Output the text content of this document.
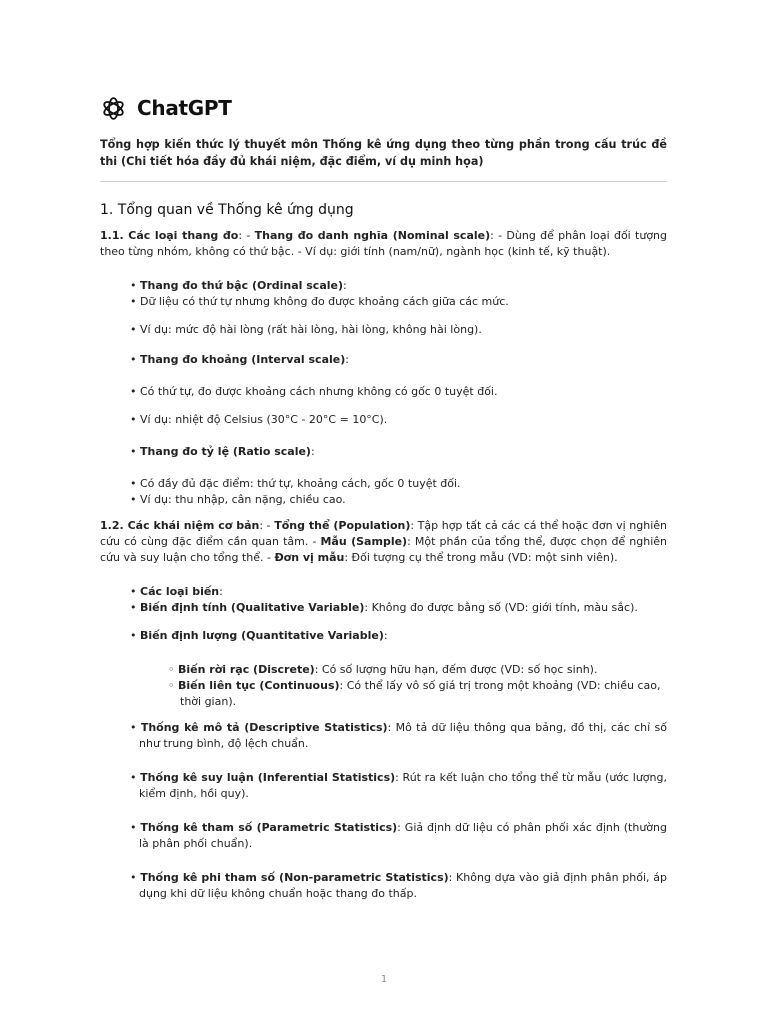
ChatGPT
Tổng hợp kiến thức lý thuyết môn Thống kê ứng dụng theo từng phần trong cấu trúc đề thi (Chi tiết hóa đầy đủ khái niệm, đặc điểm, ví dụ minh họa)
1. Tổng quan về Thống kê ứng dụng

1.1. Các loại thang đo: - Thang đo danh nghĩa (Nominal scale): - Dùng để phân loại đối tượng theo từng nhóm, không có thứ bậc. - Ví dụ: giới tính (nam/nữ), ngành học (kinh tế, kỹ thuật).

• Thang đo thứ bậc (Ordinal scale):
• Dữ liệu có thứ tự nhưng không đo được khoảng cách giữa các mức.
• Ví dụ: mức độ hài lòng (rất hài lòng, hài lòng, không hài lòng).
• Thang đo khoảng (Interval scale):
• Có thứ tự, đo được khoảng cách nhưng không có gốc 0 tuyệt đối.
• Ví dụ: nhiệt độ Celsius (30°C - 20°C = 10°C).
• Thang đo tỷ lệ (Ratio scale):
• Có đầy đủ đặc điểm: thứ tự, khoảng cách, gốc 0 tuyệt đối.
• Ví dụ: thu nhập, cân nặng, chiều cao.

1.2. Các khái niệm cơ bản: - Tổng thể (Population): Tập hợp tất cả các cá thể hoặc đơn vị nghiên cứu có cùng đặc điểm cần quan tâm. - Mẫu (Sample): Một phần của tổng thể, được chọn để nghiên cứu và suy luận cho tổng thể. - Đơn vị mẫu: Đối tượng cụ thể trong mẫu (VD: một sinh viên).

• Các loại biến:
• Biến định tính (Qualitative Variable): Không đo được bằng số (VD: giới tính, màu sắc).
• Biến định lượng (Quantitative Variable):
◦ Biến rời rạc (Discrete): Có số lượng hữu hạn, đếm được (VD: số học sinh).
◦ Biến liên tục (Continuous): Có thể lấy vô số giá trị trong một khoảng (VD: chiều cao, thời gian).
• Thống kê mô tả (Descriptive Statistics): Mô tả dữ liệu thông qua bảng, đồ thị, các chỉ số như trung bình, độ lệch chuẩn.
• Thống kê suy luận (Inferential Statistics): Rút ra kết luận cho tổng thể từ mẫu (ước lượng, kiểm định, hồi quy).
• Thống kê tham số (Parametric Statistics): Giả định dữ liệu có phân phối xác định (thường là phân phối chuẩn).
• Thống kê phi tham số (Non-parametric Statistics): Không dựa vào giả định phân phối, áp dụng khi dữ liệu không chuẩn hoặc thang đo thấp.
1
